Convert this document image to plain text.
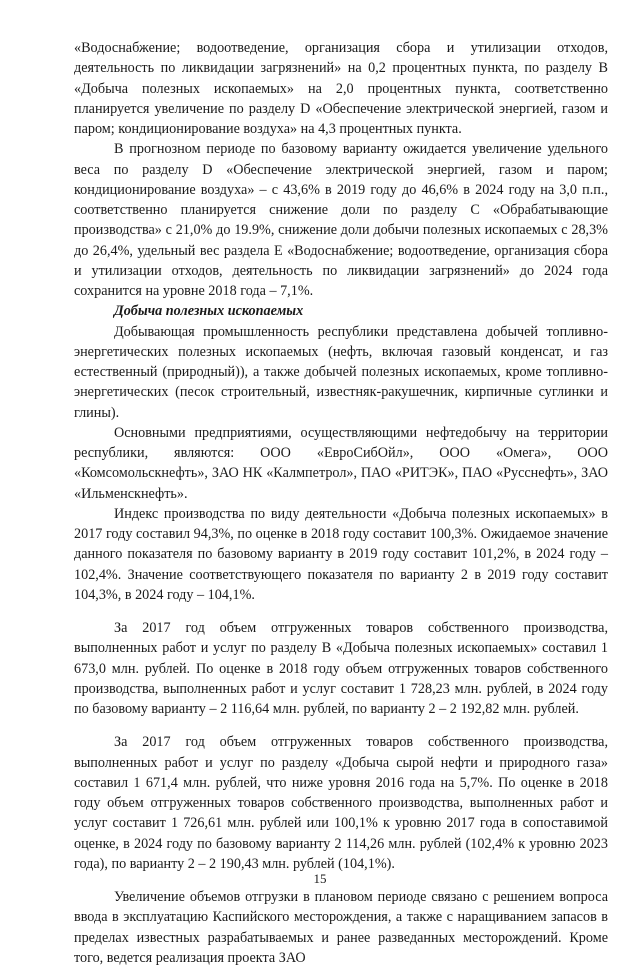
«Водоснабжение; водоотведение, организация сбора и утилизации отходов, деятельность по ликвидации загрязнений» на 0,2 процентных пункта, по разделу В «Добыча полезных ископаемых» на 2,0 процентных пункта, соответственно планируется увеличение по разделу D «Обеспечение электрической энергией, газом и паром; кондиционирование воздуха» на 4,3 процентных пункта.

В прогнозном периоде по базовому варианту ожидается увеличение удельного веса по разделу D «Обеспечение электрической энергией, газом и паром; кондиционирование воздуха» – с 43,6% в 2019 году до 46,6% в 2024 году на 3,0 п.п., соответственно планируется снижение доли по разделу С «Обрабатывающие производства» с 21,0% до 19.9%, снижение доли добычи полезных ископаемых с 28,3% до 26,4%, удельный вес раздела Е «Водоснабжение; водоотведение, организация сбора и утилизации отходов, деятельность по ликвидации загрязнений» до 2024 года сохранится на уровне 2018 года – 7,1%.

Добыча полезных ископаемых

Добывающая промышленность республики представлена добычей топливно-энергетических полезных ископаемых (нефть, включая газовый конденсат, и газ естественный (природный)), а также добычей полезных ископаемых, кроме топливно-энергетических (песок строительный, известняк-ракушечник, кирпичные суглинки и глины).

Основными предприятиями, осуществляющими нефтедобычу на территории республики, являются: ООО «ЕвроСибОйл», ООО «Омега», ООО «Комсомольскнефть», ЗАО НК «Калмпетрол», ПАО «РИТЭК», ПАО «Русснефть», ЗАО «Ильменскнефть».

Индекс производства по виду деятельности «Добыча полезных ископаемых» в 2017 году составил 94,3%, по оценке в 2018 году составит 100,3%. Ожидаемое значение данного показателя по базовому варианту в 2019 году составит 101,2%, в 2024 году – 102,4%. Значение соответствующего показателя по варианту 2 в 2019 году составит 104,3%, в 2024 году – 104,1%.

За 2017 год объем отгруженных товаров собственного производства, выполненных работ и услуг по разделу В «Добыча полезных ископаемых» составил 1 673,0 млн. рублей. По оценке в 2018 году объем отгруженных товаров собственного производства, выполненных работ и услуг составит 1 728,23 млн. рублей, в 2024 году по базовому варианту – 2 116,64 млн. рублей, по варианту 2 – 2 192,82 млн. рублей.

За 2017 год объем отгруженных товаров собственного производства, выполненных работ и услуг по разделу «Добыча сырой нефти и природного газа» составил 1 671,4 млн. рублей, что ниже уровня 2016 года на 5,7%. По оценке в 2018 году объем отгруженных товаров собственного производства, выполненных работ и услуг составит 1 726,61 млн. рублей или 100,1% к уровню 2017 года в сопоставимой оценке, в 2024 году по базовому варианту 2 114,26 млн. рублей (102,4% к уровню 2023 года), по варианту 2 – 2 190,43 млн. рублей (104,1%).

Увеличение объемов отгрузки в плановом периоде связано с решением вопроса ввода в эксплуатацию Каспийского месторождения, а также с наращиванием запасов в пределах известных разрабатываемых и ранее разведанных месторождений. Кроме того, ведется реализация проекта ЗАО

15
